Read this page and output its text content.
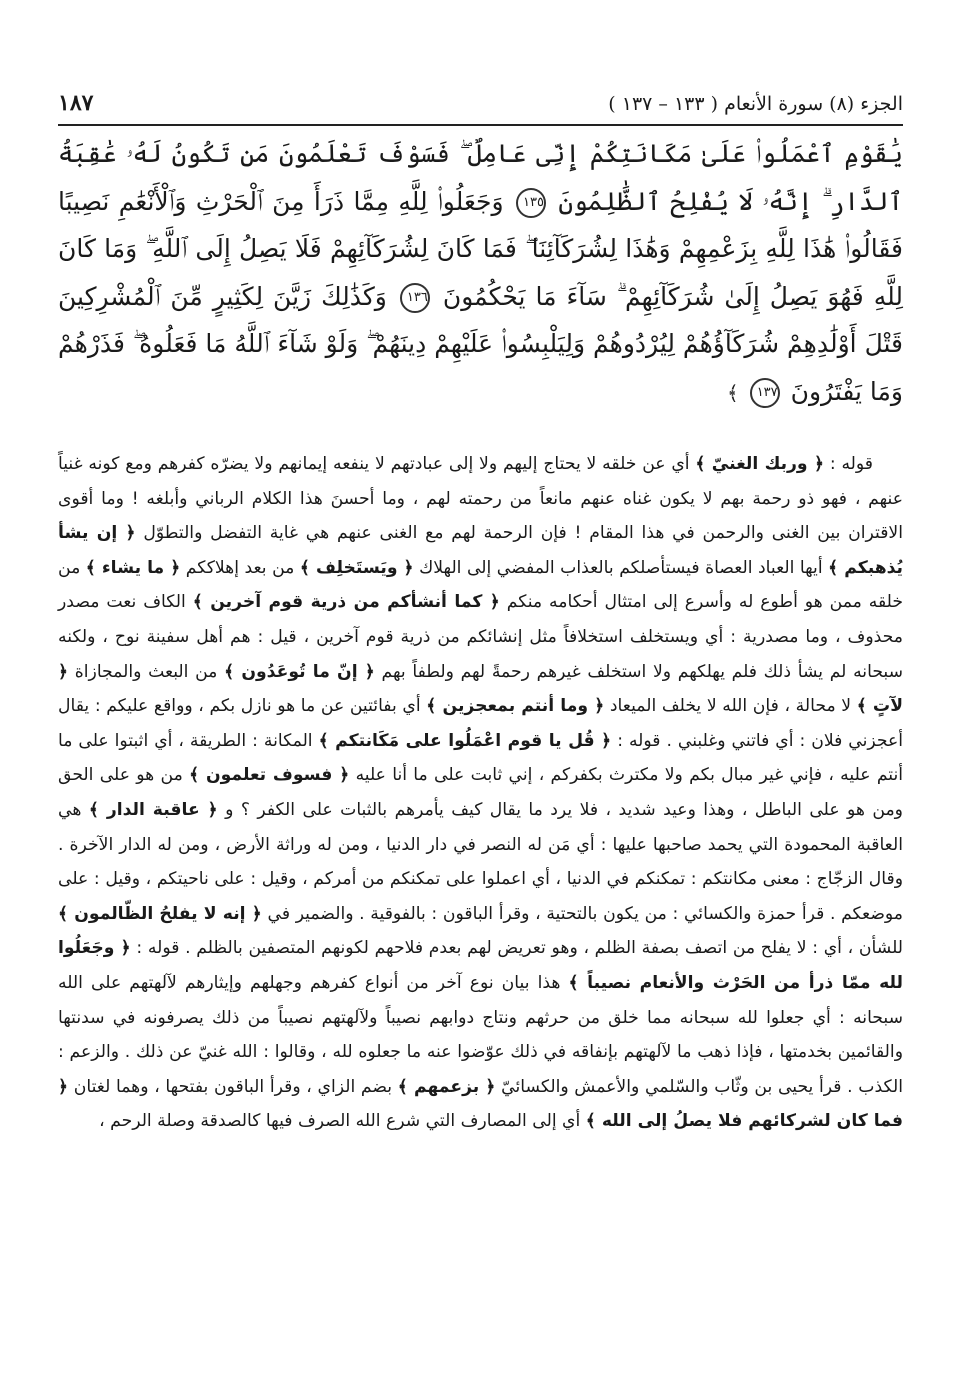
الجزء (٨) سورة الأنعام ( ١٣٣ – ١٣٧ )
١٨٧

يَٰقَوْمِ ٱعْمَلُوا۟ عَلَىٰ مَكَانَتِكُمْ إِنِّى عَامِلٌ ۖ فَسَوْفَ تَعْلَمُونَ مَن تَكُونُ لَهُۥ عَٰقِبَةُ ٱلدَّارِ ۗ إِنَّهُۥ لَا يُفْلِحُ ٱلظَّٰلِمُونَ ١٣٥ وَجَعَلُوا۟ لِلَّهِ مِمَّا ذَرَأَ مِنَ ٱلْحَرْثِ وَٱلْأَنْعَٰمِ نَصِيبًا فَقَالُوا۟ هَٰذَا لِلَّهِ بِزَعْمِهِمْ وَهَٰذَا لِشُرَكَآئِنَا ۖ فَمَا كَانَ لِشُرَكَآئِهِمْ فَلَا يَصِلُ إِلَى ٱللَّهِ ۖ وَمَا كَانَ لِلَّهِ فَهُوَ يَصِلُ إِلَىٰ شُرَكَآئِهِمْ ۗ سَآءَ مَا يَحْكُمُونَ ١٣٦ وَكَذَٰلِكَ زَيَّنَ لِكَثِيرٍ مِّنَ ٱلْمُشْرِكِينَ قَتْلَ أَوْلَٰدِهِمْ شُرَكَآؤُهُمْ لِيُرْدُوهُمْ وَلِيَلْبِسُوا۟ عَلَيْهِمْ دِينَهُمْ ۖ وَلَوْ شَآءَ ٱللَّهُ مَا فَعَلُوهُ ۖ فَذَرْهُمْ وَمَا يَفْتَرُونَ ١٣٧ ﴾

قوله : ﴿ وربك الغنيّ ﴾ أي عن خلقه لا يحتاج إليهم ولا إلى عبادتهم لا ينفعه إيمانهم ولا يضرّه كفرهم ومع كونه غنياً عنهم ، فهو ذو رحمة بهم لا يكون غناه عنهم مانعاً من رحمته لهم ، وما أحسنَ هذا الكلام الرباني وأبلغه ! وما أقوى الاقتران بين الغنى والرحمن في هذا المقام ! فإن الرحمة لهم مع الغنى عنهم هي غاية التفضل والتطوّل ﴿ إن يشأ يُذهبكم ﴾ أيها العباد العصاة فيستأصلكم بالعذاب المفضي إلى الهلاك ﴿ ويَستَخلِف ﴾ من بعد إهلاككم ﴿ ما يشاء ﴾ من خلقه ممن هو أطوع له وأسرع إلى امتثال أحكامه منكم ﴿ كما أنشأكم من ذرية قوم آخرين ﴾ الكاف نعت مصدر محذوف ، وما مصدرية : أي ويستخلف استخلافاً مثل إنشائكم من ذرية قوم آخرين ، قيل : هم أهل سفينة نوح ، ولكنه سبحانه لم يشأ ذلك فلم يهلكهم ولا استخلف غيرهم رحمةً لهم ولطفاً بهم ﴿ إنّ ما تُوعَدُون ﴾ من البعث والمجازاة ﴿ لآتٍ ﴾ لا محالة ، فإن الله لا يخلف الميعاد ﴿ وما أنتم بمعجزين ﴾ أي بفائتين عن ما هو نازل بكم ، وواقع عليكم : يقال أعجزني فلان : أي فاتني وغلبني . قوله : ﴿ قُل يا قوم اعْمَلُوا على مَكَانتكم ﴾ المكانة : الطريقة ، أي اثبتوا على ما أنتم عليه ، فإني غير مبال بكم ولا مكترث بكفركم ، إني ثابت على ما أنا عليه ﴿ فسوف تعلمون ﴾ من هو على الحق ومن هو على الباطل ، وهذا وعيد شديد ، فلا يرد ما يقال كيف يأمرهم بالثبات على الكفر ؟ و ﴿ عاقبة الدار ﴾ هي العاقبة المحمودة التي يحمد صاحبها عليها : أي مَن له النصر في دار الدنيا ، ومن له وراثة الأرض ، ومن له الدار الآخرة . وقال الزجّاج : معنى مكانتكم : تمكنكم في الدنيا ، أي اعملوا على تمكنكم من أمركم ، وقيل : على ناحيتكم ، وقيل : على موضعكم . قرأ حمزة والكسائي : من يكون بالتحتية ، وقرأ الباقون : بالفوقية . والضمير في ﴿ إنه لا يفلحُ الظّالمون ﴾ للشأن ، أي : لا يفلح من اتصف بصفة الظلم ، وهو تعريض لهم بعدم فلاحهم لكونهم المتصفين بالظلم . قوله : ﴿ وجَعَلُوا لله ممّا ذرأ من الحَرْث والأنعام نصيباً ﴾ هذا بيان نوع آخر من أنواع كفرهم وجهلهم وإيثارهم لآلهتهم على الله سبحانه : أي جعلوا لله سبحانه مما خلق من حرثهم ونتاج دوابهم نصيباً ولآلهتهم نصيباً من ذلك يصرفونه في سدنتها والقائمين بخدمتها ، فإذا ذهب ما لآلهتهم بإنفاقه في ذلك عوّضوا عنه ما جعلوه لله ، وقالوا : الله غنيّ عن ذلك . والزعم : الكذب . قرأ يحيى بن وثّاب والسّلمي والأعمش والكسائيّ ﴿ بزعمهم ﴾ بضم الزاي ، وقرأ الباقون بفتحها ، وهما لغتان ﴿ فما كان لشركائهم فلا يصلُ إلى الله ﴾ أي إلى المصارف التي شرع الله الصرف فيها كالصدقة وصلة الرحم ،
